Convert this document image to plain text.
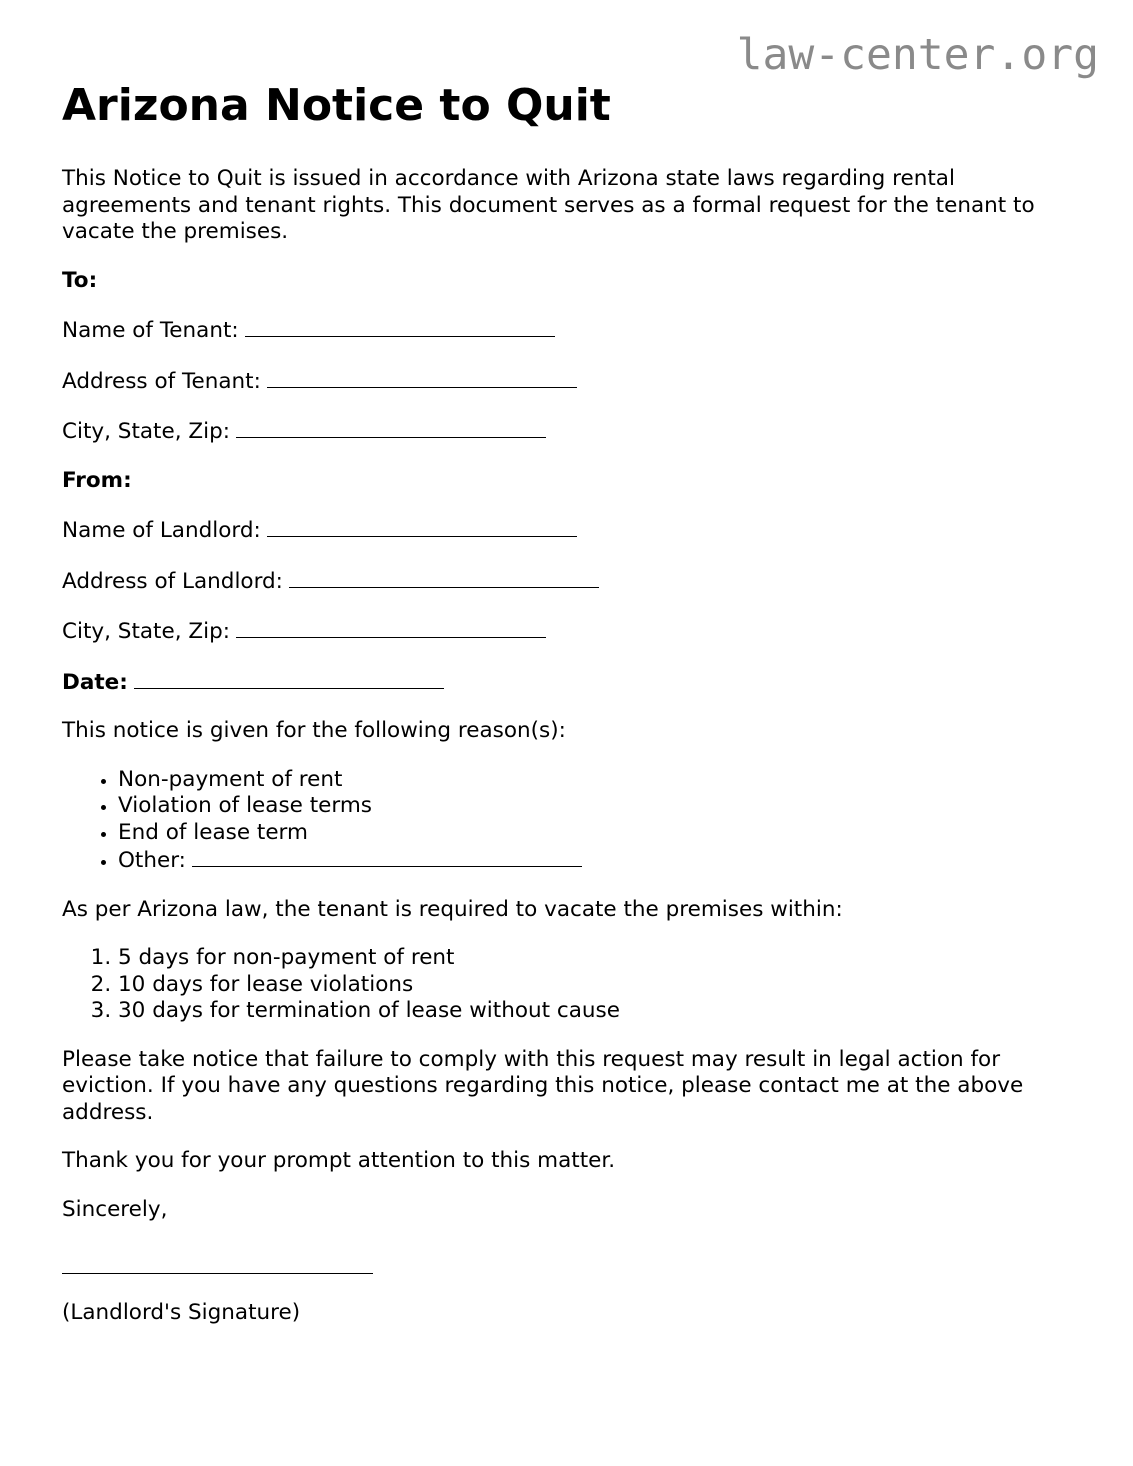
law-center.org
Arizona Notice to Quit

This Notice to Quit is issued in accordance with Arizona state laws regarding rental agreements and tenant rights. This document serves as a formal request for the tenant to vacate the premises.

To:

Name of Tenant:

Address of Tenant:

City, State, Zip:

From:

Name of Landlord:

Address of Landlord:

City, State, Zip:

Date:

This notice is given for the following reason(s):

• Non-payment of rent
• Violation of lease terms
• End of lease term
• Other:

As per Arizona law, the tenant is required to vacate the premises within:

1. 5 days for non-payment of rent
2. 10 days for lease violations
3. 30 days for termination of lease without cause

Please take notice that failure to comply with this request may result in legal action for eviction. If you have any questions regarding this notice, please contact me at the above address.

Thank you for your prompt attention to this matter.

Sincerely,

(Landlord's Signature)
